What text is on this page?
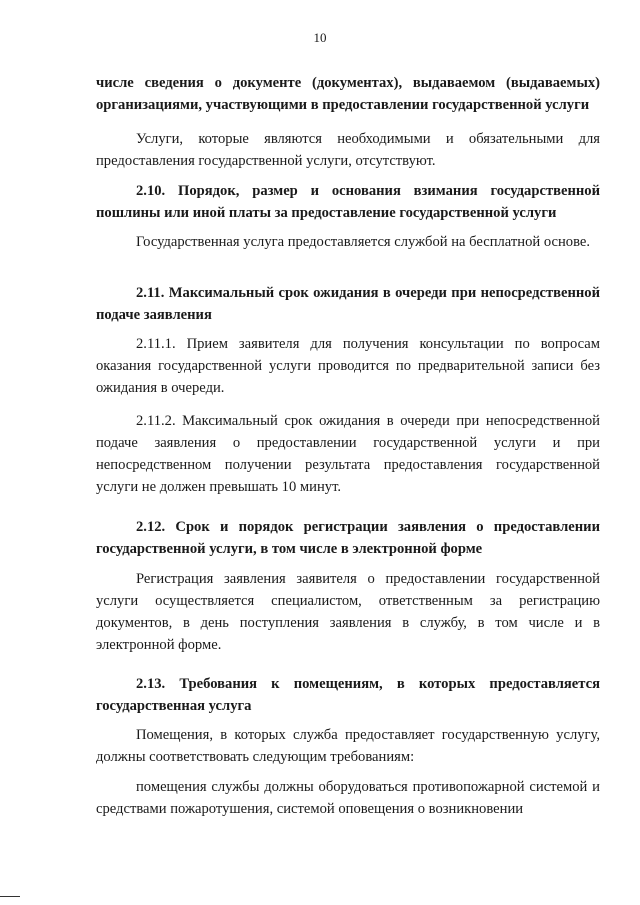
10
числе сведения о документе (документах), выдаваемом (выдаваемых) организациями, участвующими в предоставлении государственной услуги
Услуги, которые являются необходимыми и обязательными для предоставления государственной услуги, отсутствуют.
2.10. Порядок, размер и основания взимания государственной пошлины или иной платы за предоставление государственной услуги
Государственная услуга предоставляется службой на бесплатной основе.
2.11. Максимальный срок ожидания в очереди при непосредственной подаче заявления
2.11.1. Прием заявителя для получения консультации по вопросам оказания государственной услуги проводится по предварительной записи без ожидания в очереди.
2.11.2. Максимальный срок ожидания в очереди при непосредственной подаче заявления о предоставлении государственной услуги и при непосредственном получении результата предоставления государственной услуги не должен превышать 10 минут.
2.12. Срок и порядок регистрации заявления о предоставлении государственной услуги, в том числе в электронной форме
Регистрация заявления заявителя о предоставлении государственной услуги осуществляется специалистом, ответственным за регистрацию документов, в день поступления заявления в службу, в том числе и в электронной форме.
2.13. Требования к помещениям, в которых предоставляется государственная услуга
Помещения, в которых служба предоставляет государственную услугу, должны соответствовать следующим требованиям:
помещения службы должны оборудоваться противопожарной системой и средствами пожаротушения, системой оповещения о возникновении
